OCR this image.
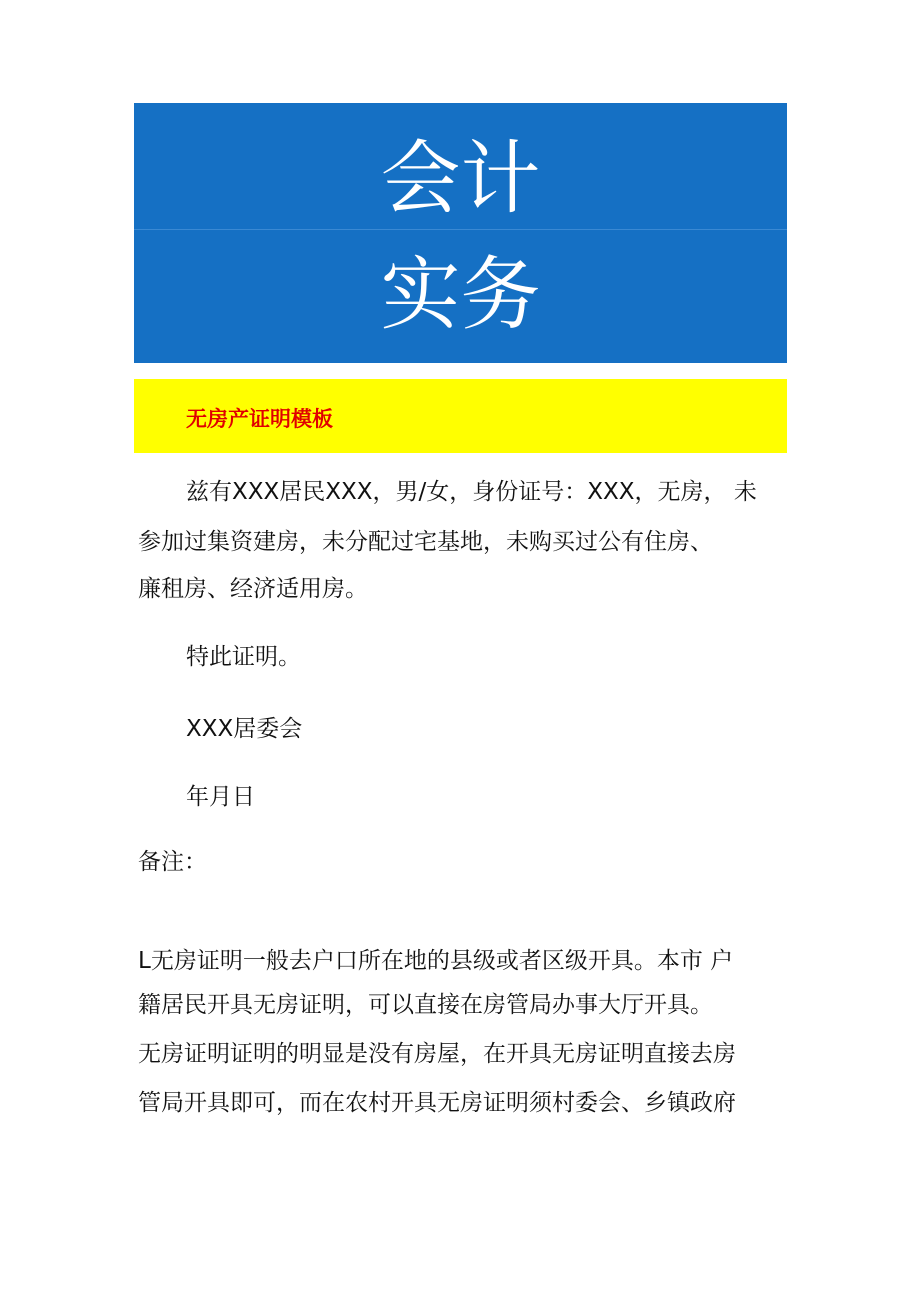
会计
实务
无房产证明模板
兹有XXX居民XXX，男/女，身份证号：XXX，无房， 未
参加过集资建房，未分配过宅基地，未购买过公有住房、
廉租房、经济适用房。
特此证明。
XXX居委会
年月日
备注：
L无房证明一般去户口所在地的县级或者区级开具。本市 户
籍居民开具无房证明，可以直接在房管局办事大厅开具。
无房证明证明的明显是没有房屋，在开具无房证明直接去房
管局开具即可，而在农村开具无房证明须村委会、乡镇政府
